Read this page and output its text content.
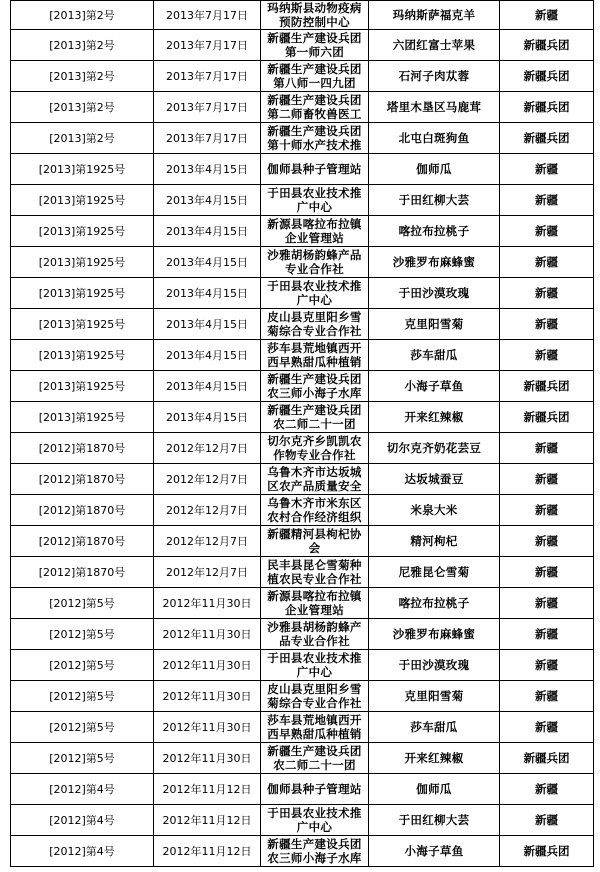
[2013]第2号	2013年7月17日	玛纳斯县动物疫病预防控制中心	玛纳斯萨福克羊	新疆
[2013]第2号	2013年7月17日	新疆生产建设兵团第一师六团	六团红富士苹果	新疆兵团
[2013]第2号	2013年7月17日	新疆生产建设兵团第八师一四九团	石河子肉苁蓉	新疆兵团
[2013]第2号	2013年7月17日	新疆生产建设兵团第二师畜牧兽医工	塔里木垦区马鹿茸	新疆兵团
[2013]第2号	2013年7月17日	新疆生产建设兵团第十师水产技术推	北屯白斑狗鱼	新疆兵团
[2013]第1925号	2013年4月15日	伽师县种子管理站	伽师瓜	新疆
[2013]第1925号	2013年4月15日	于田县农业技术推广中心	于田红柳大芸	新疆
[2013]第1925号	2013年4月15日	新源县喀拉布拉镇企业管理站	喀拉布拉桃子	新疆
[2013]第1925号	2013年4月15日	沙雅胡杨韵蜂产品专业合作社	沙雅罗布麻蜂蜜	新疆
[2013]第1925号	2013年4月15日	于田县农业技术推广中心	于田沙漠玫瑰	新疆
[2013]第1925号	2013年4月15日	皮山县克里阳乡雪菊综合专业合作社	克里阳雪菊	新疆
[2013]第1925号	2013年4月15日	莎车县荒地镇西开西早熟甜瓜种植销	莎车甜瓜	新疆
[2013]第1925号	2013年4月15日	新疆生产建设兵团农三师小海子水库	小海子草鱼	新疆兵团
[2013]第1925号	2013年4月15日	新疆生产建设兵团农二师二十一团	开来红辣椒	新疆兵团
[2012]第1870号	2012年12月7日	切尔克齐乡凯凯农作物专业合作社	切尔克齐奶花芸豆	新疆
[2012]第1870号	2012年12月7日	乌鲁木齐市达坂城区农产品质量安全	达坂城蚕豆	新疆
[2012]第1870号	2012年12月7日	乌鲁木齐市米东区农村合作经济组织	米泉大米	新疆
[2012]第1870号	2012年12月7日	新疆精河县枸杞协会	精河枸杞	新疆
[2012]第1870号	2012年12月7日	民丰县昆仑雪菊种植农民专业合作社	尼雅昆仑雪菊	新疆
[2012]第5号	2012年11月30日	新源县喀拉布拉镇企业管理站	喀拉布拉桃子	新疆
[2012]第5号	2012年11月30日	沙雅县胡杨韵蜂产品专业合作社	沙雅罗布麻蜂蜜	新疆
[2012]第5号	2012年11月30日	于田县农业技术推广中心	于田沙漠玫瑰	新疆
[2012]第5号	2012年11月30日	皮山县克里阳乡雪菊综合专业合作社	克里阳雪菊	新疆
[2012]第5号	2012年11月30日	莎车县荒地镇西开西早熟甜瓜种植销	莎车甜瓜	新疆
[2012]第5号	2012年11月30日	新疆生产建设兵团农二师二十一团	开来红辣椒	新疆兵团
[2012]第4号	2012年11月12日	伽师县种子管理站	伽师瓜	新疆
[2012]第4号	2012年11月12日	于田县农业技术推广中心	于田红柳大芸	新疆
[2012]第4号	2012年11月12日	新疆生产建设兵团农三师小海子水库	小海子草鱼	新疆兵团
